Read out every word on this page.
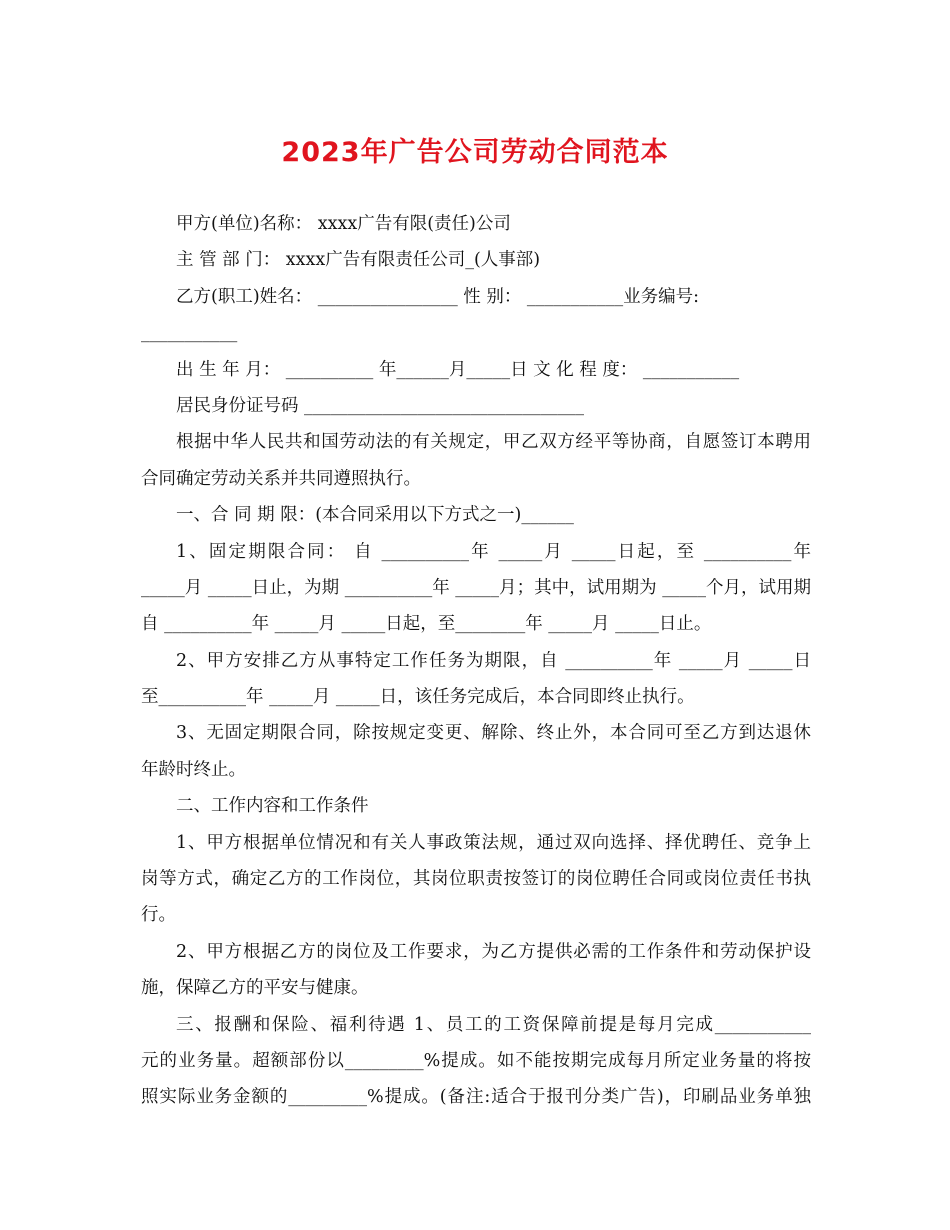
2023年广告公司劳动合同范本
甲方(单位)名称： xxxx广告有限(责任)公司
主 管 部 门： xxxx广告有限责任公司_(人事部)
乙方(职工)姓名： ________________ 性 别： ___________业务编号:
___________
出 生 年 月： __________ 年______月_____日 文 化 程 度： ___________
居民身份证号码 ________________________________
根据中华人民共和国劳动法的有关规定，甲乙双方经平等协商，自愿签订本聘用
合同确定劳动关系并共同遵照执行。
一、合 同 期 限：(本合同采用以下方式之一)______
1、固定期限合同： 自 __________年 _____月 _____日起，至 __________年
_____月 _____日止，为期 __________年 _____月；其中，试用期为 _____个月，试用期
自 __________年 _____月 _____日起，至________年 _____月 _____日止。
2、甲方安排乙方从事特定工作任务为期限，自 __________年 _____月 _____日
至__________年 _____月 _____日，该任务完成后，本合同即终止执行。
3、无固定期限合同，除按规定变更、解除、终止外，本合同可至乙方到达退休
年龄时终止。
二、工作内容和工作条件
1、甲方根据单位情况和有关人事政策法规，通过双向选择、择优聘任、竞争上
岗等方式，确定乙方的工作岗位，其岗位职责按签订的岗位聘任合同或岗位责任书执
行。
2、甲方根据乙方的岗位及工作要求，为乙方提供必需的工作条件和劳动保护设
施，保障乙方的平安与健康。
三、报酬和保险、福利待遇 1、员工的工资保障前提是每月完成___________
元的业务量。超额部份以_________%提成。如不能按期完成每月所定业务量的将按
照实际业务金额的_________%提成。(备注:适合于报刊分类广告)，印刷品业务单独
